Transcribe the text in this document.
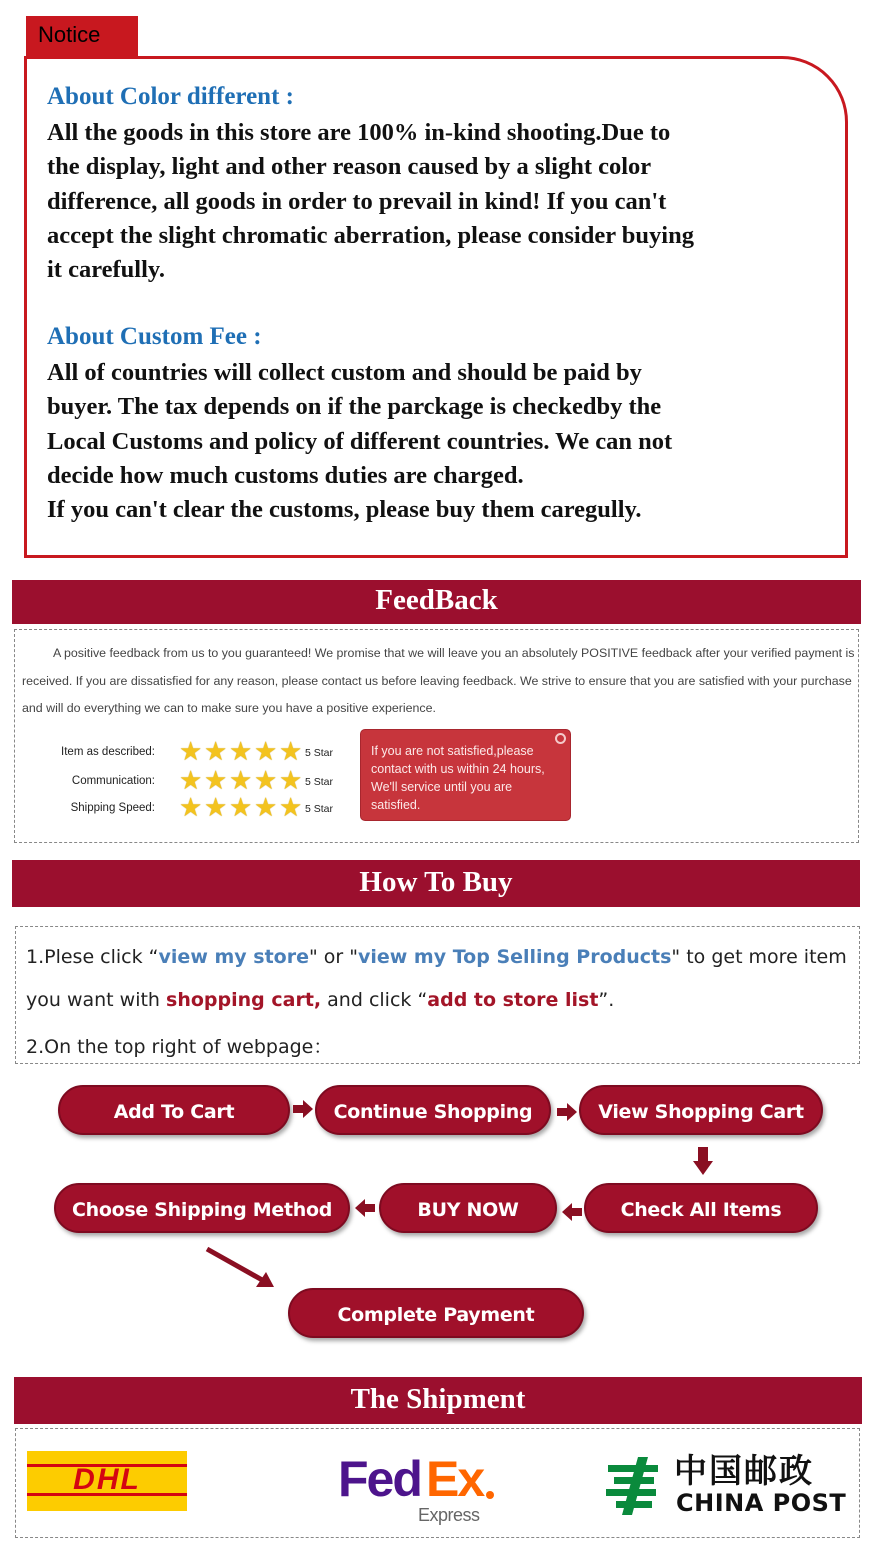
Notice
About Color different :
All the goods in this store are 100% in-kind shooting.Due to
the display, light and other reason caused by a slight color
difference, all goods in order to prevail in kind! If you can't
accept the slight chromatic aberration, please consider buying
it carefully.
About Custom Fee :
All of countries will collect custom and should be paid by
buyer. The tax depends on if the parckage is checkedby the
Local Customs and policy of different countries. We can not
decide how much customs duties are charged.
If you can't clear the customs, please buy them caregully.
FeedBack
A positive feedback from us to you guaranteed! We promise that we will leave you an absolutely POSITIVE feedback after your verified payment is received. If you are dissatisfied for any reason, please contact us before leaving feedback. We strive to ensure that you are satisfied with your purchase and will do everything we can to make sure you have a positive experience.
Item as described: ★ ★ ★ ★ ★ 5 Star
Communication: ★ ★ ★ ★ ★ 5 Star
Shipping Speed: ★ ★ ★ ★ ★ 5 Star
If you are not satisfied,please contact with us within 24 hours, We'll service until you are satisfied.
How To Buy
1.Plese click “view my store" or "view my Top Selling Products" to get more item
you want with shopping cart, and click “add to store list”.
2.On the top right of webpage：
Add To Cart	Continue Shopping	View Shopping Cart
Check All Items
BUY NOW
Choose Shipping Method
Complete Payment
The Shipment
DHL	Fed Ex
Express
中国邮政
CHINA POST
